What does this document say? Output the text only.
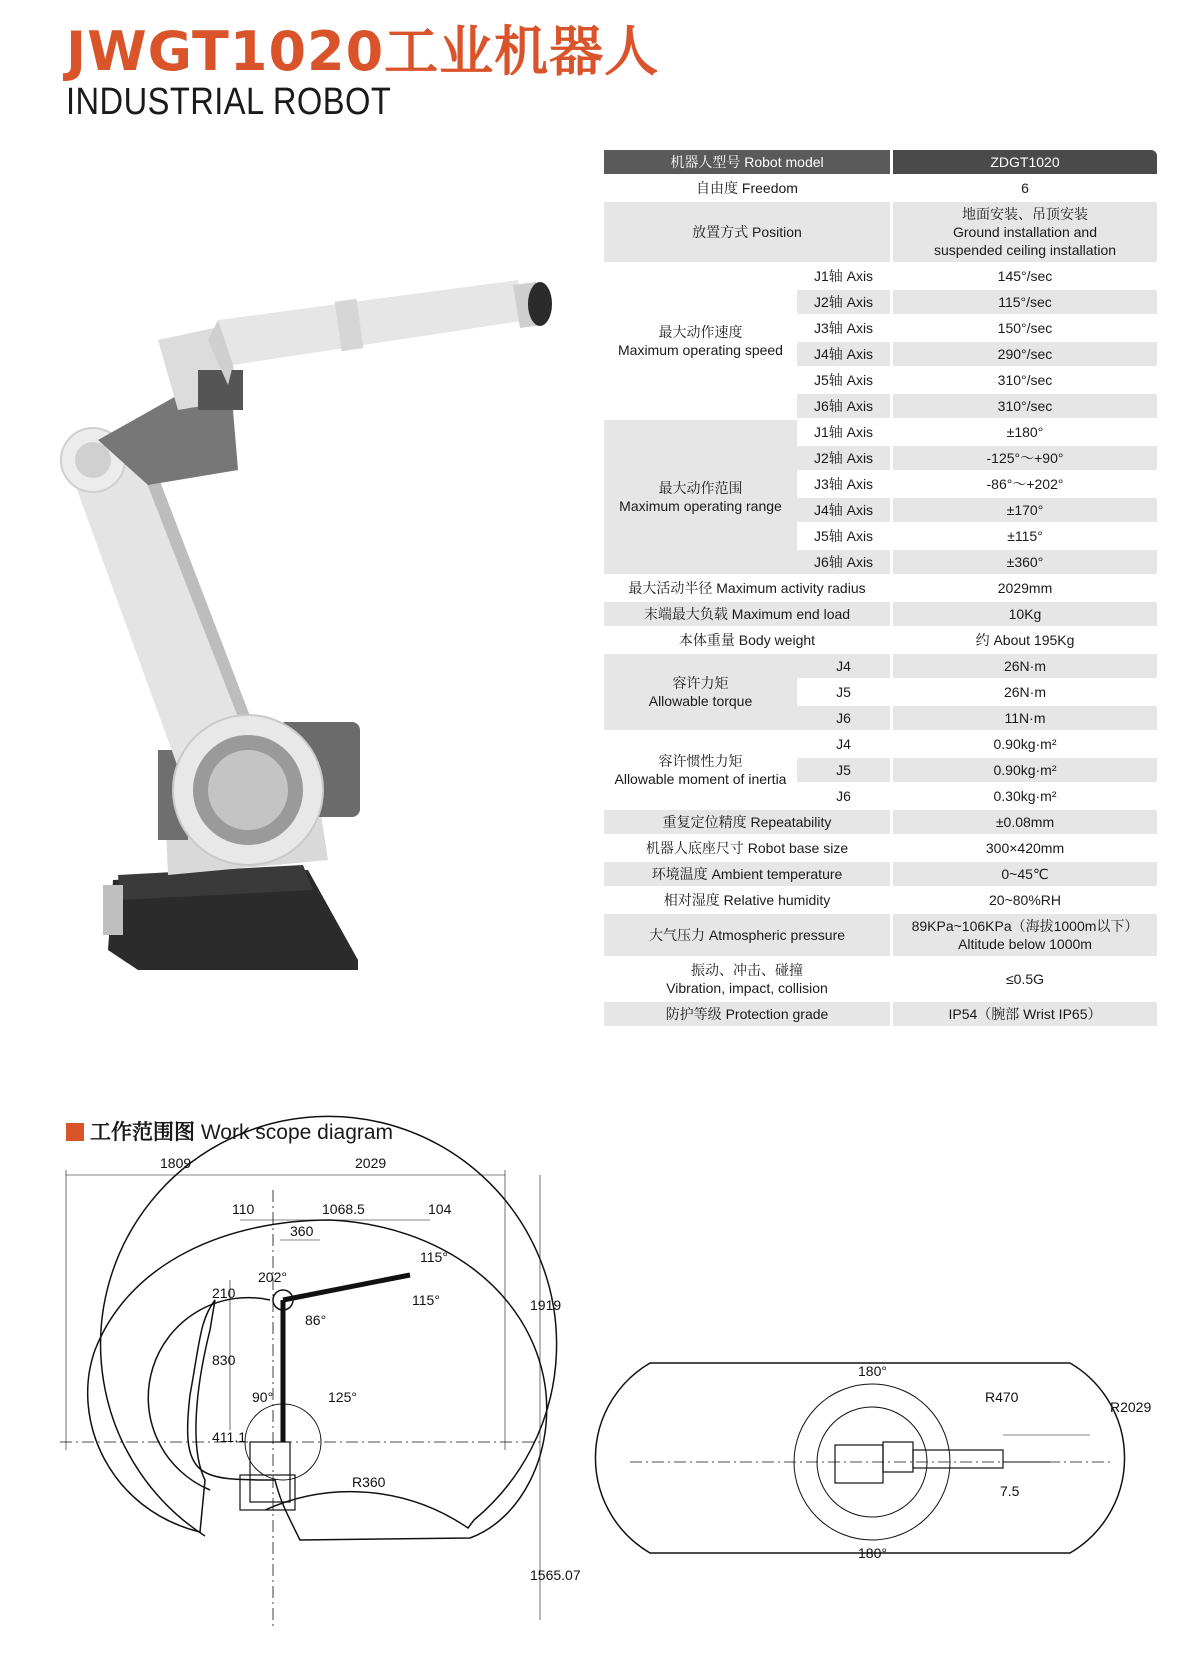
JWGT1020工业机器人
INDUSTRIAL ROBOT
机器人型号 Robot model		ZDGT1020
自由度 Freedom		6
放置方式 Position		地面安装、吊顶安装
Ground installation and suspended ceiling installation

最大动作速度
Maximum operating speed	J1轴 Axis	145°/sec
	J2轴 Axis	115°/sec
	J3轴 Axis	150°/sec
	J4轴 Axis	290°/sec
	J5轴 Axis	310°/sec
	J6轴 Axis	310°/sec

最大动作范围
Maximum operating range	J1轴 Axis	±180°
	J2轴 Axis	-125°～+90°
	J3轴 Axis	-86°～+202°
	J4轴 Axis	±170°
	J5轴 Axis	±115°
	J6轴 Axis	±360°
最大活动半径 Maximum activity radius		2029mm
末端最大负载 Maximum end load		10Kg
本体重量 Body weight		约 About 195Kg

容许力矩
Allowable torque	J4	26N·m
	J5	26N·m
	J6	11N·m

容许惯性力矩
Allowable moment of inertia	J4	0.90kg·m²
	J5	0.90kg·m²
	J6	0.30kg·m²
重复定位精度 Repeatability		±0.08mm
机器人底座尺寸 Robot base size		300×420mm
环境温度 Ambient temperature		0~45℃
相对湿度 Relative humidity		20~80%RH
大气压力 Atmospheric pressure		89KPa~106KPa（海拔1000m以下）
Altitude below 1000m

振动、冲击、碰撞
Vibration, impact, collision		≤0.5G
防护等级 Protection grade		IP54（腕部 Wrist IP65）
工作范围图 Work scope diagram
1809	2029
110	1068.5	104
360
202°
115°
115°
86°
210
830
411.1
90°	125°
R360
1919
1565.07
180°
180°
R470
R2029
7.5
